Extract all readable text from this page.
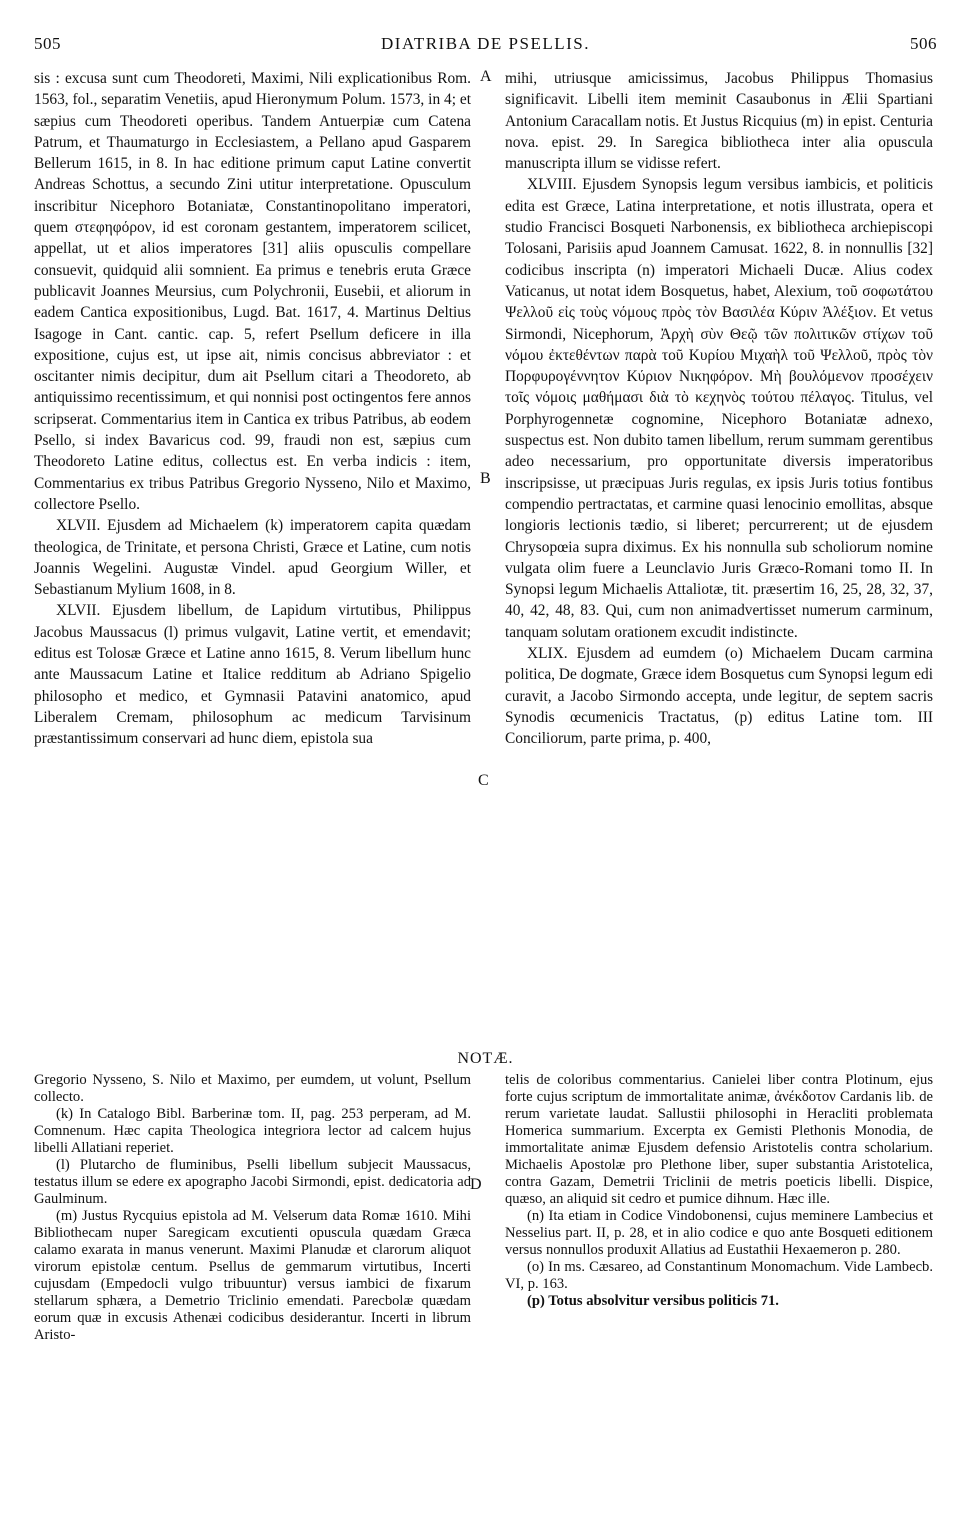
505	DIATRIBA DE PSELLIS.	506
A
B
C
D

sis : excusa sunt cum Theodoreti, Maximi, Nili explicationibus Rom. 1563, fol., separatim Venetiis, apud Hieronymum Polum. 1573, in 4; et sæpius cum Theodoreti operibus. Tandem Antuerpiæ cum Catena Patrum, et Thaumaturgo in Ecclesiastem, a Pellano apud Gasparem Bellerum 1615, in 8. In hac editione primum caput Latine convertit Andreas Schottus, a secundo Zini utitur interpretatione. Opusculum inscribitur Nicephoro Botaniatæ, Constantinopolitano imperatori, quem στεφηφόρον, id est coronam gestantem, imperatorem scilicet, appellat, ut et alios imperatores [31] aliis opusculis compellare consuevit, quidquid alii somnient. Ea primus e tenebris eruta Græce publicavit Joannes Meursius, cum Polychronii, Eusebii, et aliorum in eadem Cantica expositionibus, Lugd. Bat. 1617, 4. Martinus Deltius Isagoge in Cant. cantic. cap. 5, refert Psellum deficere in illa expositione, cujus est, ut ipse ait, nimis concisus abbreviator : et oscitanter nimis decipitur, dum ait Psellum citari a Theodoreto, ab antiquissimo recentissimum, et qui nonnisi post octingentos fere annos scripserat. Commentarius item in Cantica ex tribus Patribus, ab eodem Psello, si index Bavaricus cod. 99, fraudi non est, sæpius cum Theodoreto Latine editus, collectus est. En verba indicis : item, Commentarius ex tribus Patribus Gregorio Nysseno, Nilo et Maximo, collectore Psello.

XLVII. Ejusdem ad Michaelem (k) imperatorem capita quædam theologica, de Trinitate, et persona Christi, Græce et Latine, cum notis Joannis Wegelini. Augustæ Vindel. apud Georgium Willer, et Sebastianum Mylium 1608, in 8.

XLVII. Ejusdem libellum, de Lapidum virtutibus, Philippus Jacobus Maussacus (l) primus vulgavit, Latine vertit, et emendavit; editus est Tolosæ Græce et Latine anno 1615, 8. Verum libellum hunc ante Maussacum Latine et Italice redditum ab Adriano Spigelio philosopho et medico, et Gymnasii Patavini anatomico, apud Liberalem Cremam, philosophum ac medicum Tarvisinum præstantissimum conservari ad hunc diem, epistola sua

mihi, utriusque amicissimus, Jacobus Philippus Thomasius significavit. Libelli item meminit Casaubonus in Ælii Spartiani Antonium Caracallam notis. Et Justus Ricquius (m) in epist. Centuria nova. epist. 29. In Saregica bibliotheca inter alia opuscula manuscripta illum se vidisse refert.

XLVIII. Ejusdem Synopsis legum versibus iambicis, et politicis edita est Græce, Latina interpretatione, et notis illustrata, opera et studio Francisci Bosqueti Narbonensis, ex bibliotheca archiepiscopi Tolosani, Parisiis apud Joannem Camusat. 1622, 8. in nonnullis [32] codicibus inscripta (n) imperatori Michaeli Ducæ. Alius codex Vaticanus, ut notat idem Bosquetus, habet, Alexium, τοῦ σοφωτάτου Ψελλοῦ εἰς τοὺς νόμους πρὸς τὸν Βασιλέα Κύριν Ἀλέξιον. Et vetus Sirmondi, Nicephorum, Ἀρχὴ σὺν Θεῷ τῶν πολιτικῶν στίχων τοῦ νόμου ἐκτεθέντων παρὰ τοῦ Κυρίου Μιχαὴλ τοῦ Ψελλοῦ, πρὸς τὸν Πορφυρογέννητον Κύριον Νικηφόρον. Μὴ βουλόμενον προσέχειν τοῖς νόμοις μαθήμασι διὰ τὸ κεχηνὸς τούτου πέλαγος. Titulus, vel Porphyrogennetæ cognomine, Nicephoro Botaniatæ adnexo, suspectus est. Non dubito tamen libellum, rerum summam gerentibus adeo necessarium, pro opportunitate diversis imperatoribus inscripsisse, ut præcipuas Juris regulas, ex ipsis Juris totius fontibus compendio pertractatas, et carmine quasi lenocinio emollitas, absque longioris lectionis tædio, si liberet; percurrerent; ut de ejusdem Chrysopœia supra diximus. Ex his nonnulla sub scholiorum nomine vulgata olim fuere a Leunclavio Juris Græco-Romani tomo II. In Synopsi legum Michaelis Attaliotæ, tit. præsertim 16, 25, 28, 32, 37, 40, 42, 48, 83. Qui, cum non animadvertisset numerum carminum, tanquam solutam orationem excudit indistincte.

XLIX. Ejusdem ad eumdem (o) Michaelem Ducam carmina politica, De dogmate, Græce idem Bosquetus cum Synopsi legum edi curavit, a Jacobo Sirmondo accepta, unde legitur, de septem sacris Synodis œcumenicis Tractatus, (p) editus Latine tom. III Conciliorum, parte prima, p. 400,

NOTÆ.

Gregorio Nysseno, S. Nilo et Maximo, per eumdem, ut volunt, Psellum collecto.

(k) In Catalogo Bibl. Barberinæ tom. II, pag. 253 perperam, ad M. Comnenum. Hæc capita Theologica integriora lector ad calcem hujus libelli Allatiani reperiet.

(l) Plutarcho de fluminibus, Pselli libellum subjecit Maussacus, testatus illum se edere ex apographo Jacobi Sirmondi, epist. dedicatoria ad Gaulminum.

(m) Justus Rycquius epistola ad M. Velserum data Romæ 1610. Mihi Bibliothecam nuper Saregicam excutienti opuscula quædam Græca calamo exarata in manus venerunt. Maximi Planudæ et clarorum aliquot virorum epistolæ centum. Psellus de gemmarum virtutibus, Incerti cujusdam (Empedocli vulgo tribuuntur) versus iambici de fixarum stellarum sphæra, a Demetrio Triclinio emendati. Parecbolæ quædam eorum quæ in excusis Athenæi codicibus desiderantur. Incerti in librum Aristo-

telis de coloribus commentarius. Canielei liber contra Plotinum, ejus forte cujus scriptum de immortalitate animæ, ἀνέκδοτον Cardanis lib. de rerum varietate laudat. Sallustii philosophi in Heracliti problemata Homerica summarium. Excerpta ex Gemisti Plethonis Monodia, de immortalitate animæ Ejusdem defensio Aristotelis contra scholarium. Michaelis Apostolæ pro Plethone liber, super substantia Aristotelica, contra Gazam, Demetrii Triclinii de metris poeticis libelli. Dispice, quæso, an aliquid sit cedro et pumice dihnum. Hæc ille.

(n) Ita etiam in Codice Vindobonensi, cujus meminere Lambecius et Nesselius part. II, p. 28, et in alio codice e quo ante Bosqueti editionem versus nonnullos produxit Allatius ad Eustathii Hexaemeron p. 280.

(o) In ms. Cæsareo, ad Constantinum Monomachum. Vide Lambecb. VI, p. 163.

(p) Totus absolvitur versibus politicis 71.
